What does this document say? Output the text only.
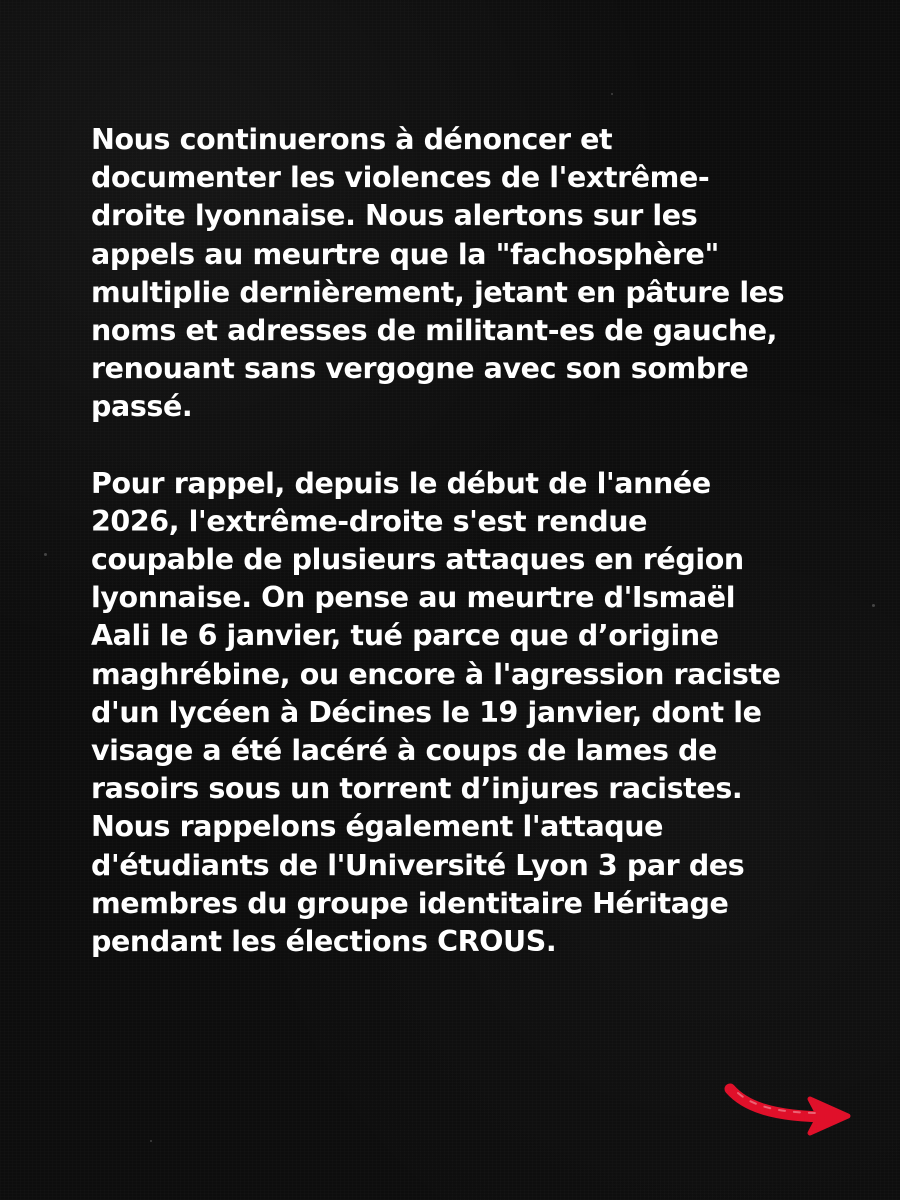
Nous continuerons à dénoncer et
documenter les violences de l'extrême-
droite lyonnaise. Nous alertons sur les
appels au meurtre que la "fachosphère"
multiplie dernièrement, jetant en pâture les
noms et adresses de militant-es de gauche,
renouant sans vergogne avec son sombre
passé.

Pour rappel, depuis le début de l'année
2026, l'extrême-droite s'est rendue
coupable de plusieurs attaques en région
lyonnaise. On pense au meurtre d'Ismaël
Aali le 6 janvier, tué parce que d’origine
maghrébine, ou encore à l'agression raciste
d'un lycéen à Décines le 19 janvier, dont le
visage a été lacéré à coups de lames de
rasoirs sous un torrent d’injures racistes.
Nous rappelons également l'attaque
d'étudiants de l'Université Lyon 3 par des
membres du groupe identitaire Héritage
pendant les élections CROUS.
